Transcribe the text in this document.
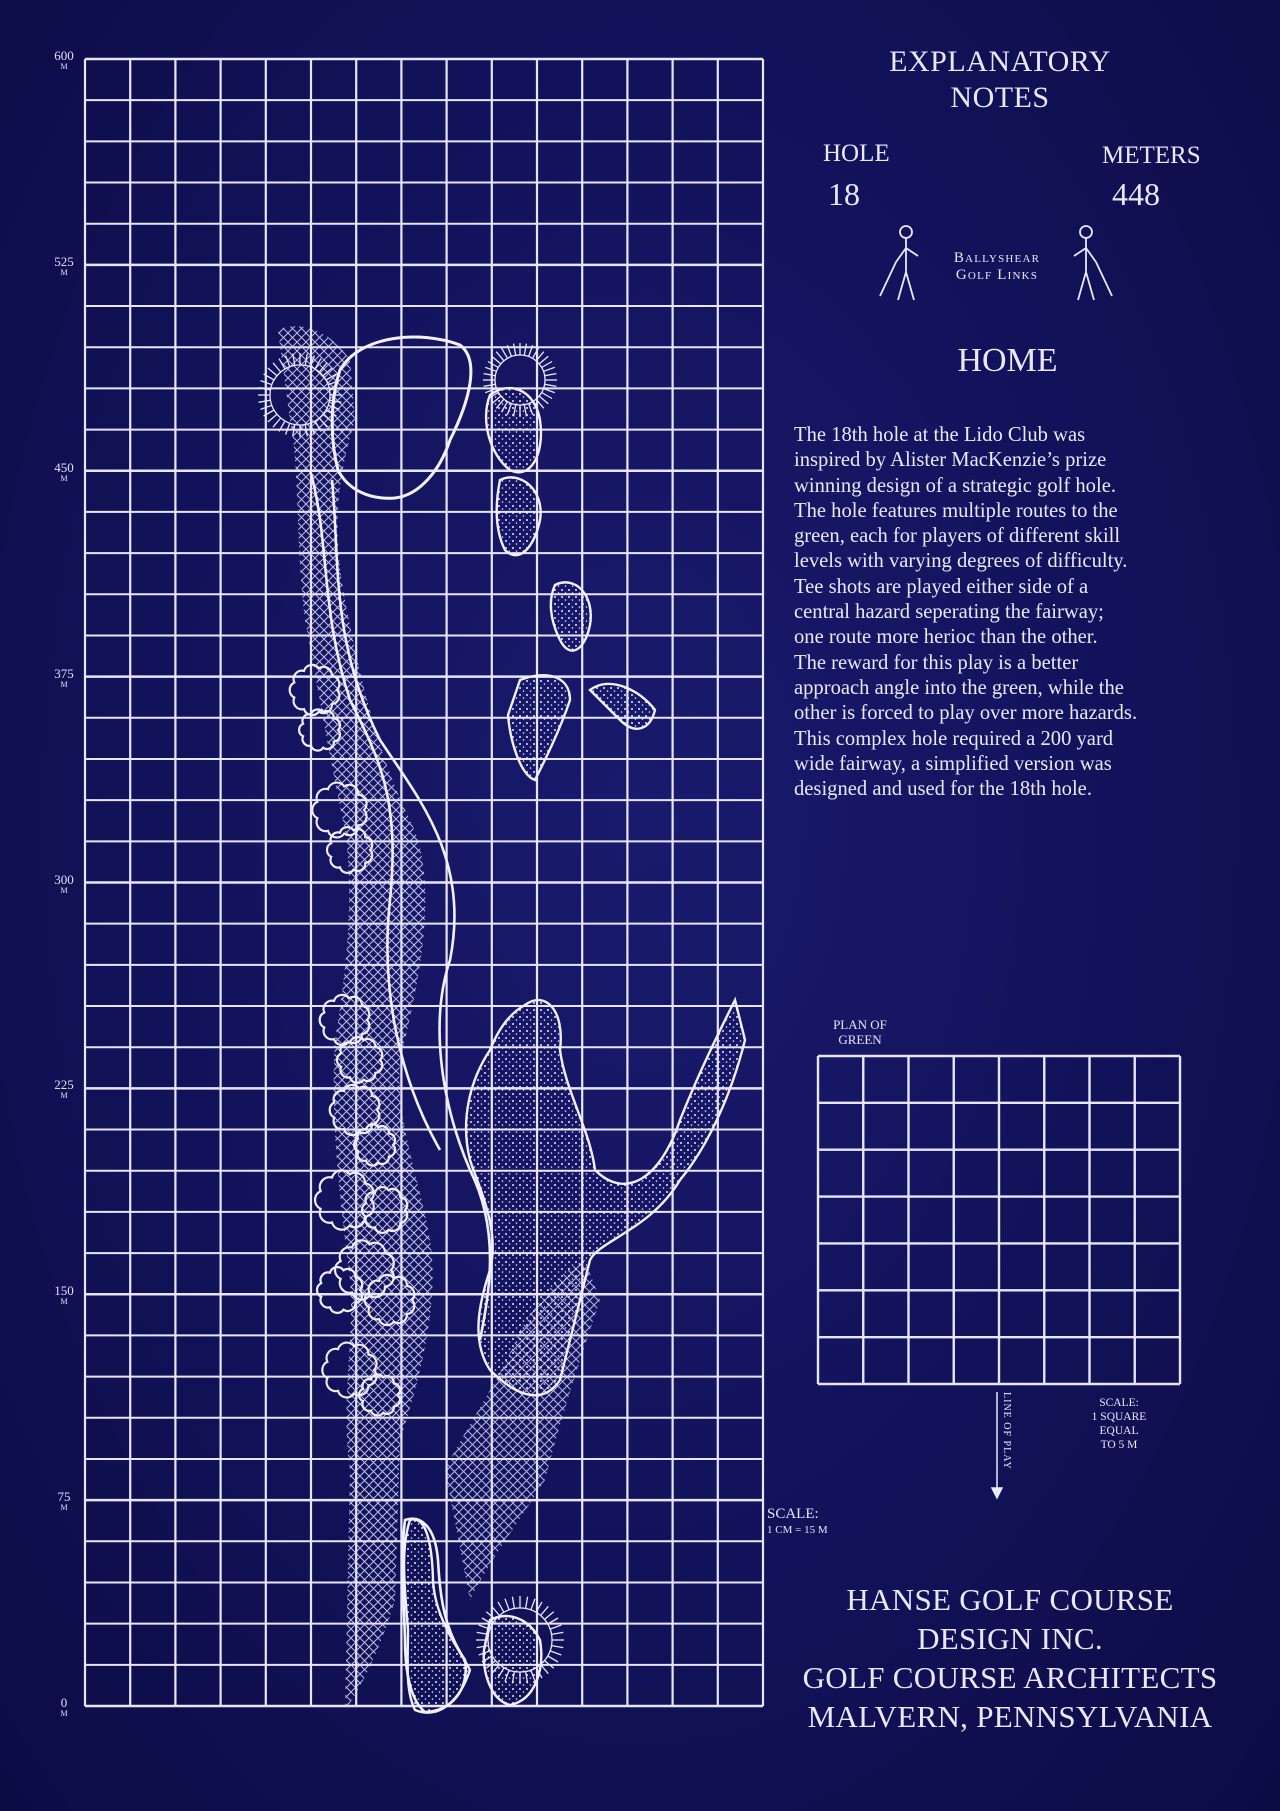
600
M
525
M
450
M
375
M
300
M
225
M
150
M
75
M
0
M
EXPLANATORY
NOTES
HOLE
18
METERS
448
Ballyshear
Golf Links
HOME
The 18th hole at the Lido Club was
inspired by Alister MacKenzie’s prize
winning design of a strategic golf hole.
The hole features multiple routes to the
green, each for players of different skill
levels with varying degrees of difficulty.
Tee shots are played either side of a
central hazard seperating the fairway;
one route more herioc than the other.
The reward for this play is a better
approach angle into the green, while the
other is forced to play over more hazards.
This complex hole required a 200 yard
wide fairway, a simplified version was
designed and used for the 18th hole.
SCALE:
1 CM = 15 M
PLAN OF
GREEN
SCALE:
1 SQUARE
EQUAL
TO 5 M
LINE OF PLAY
HANSE GOLF COURSE
DESIGN INC.
GOLF COURSE ARCHITECTS
MALVERN, PENNSYLVANIA
